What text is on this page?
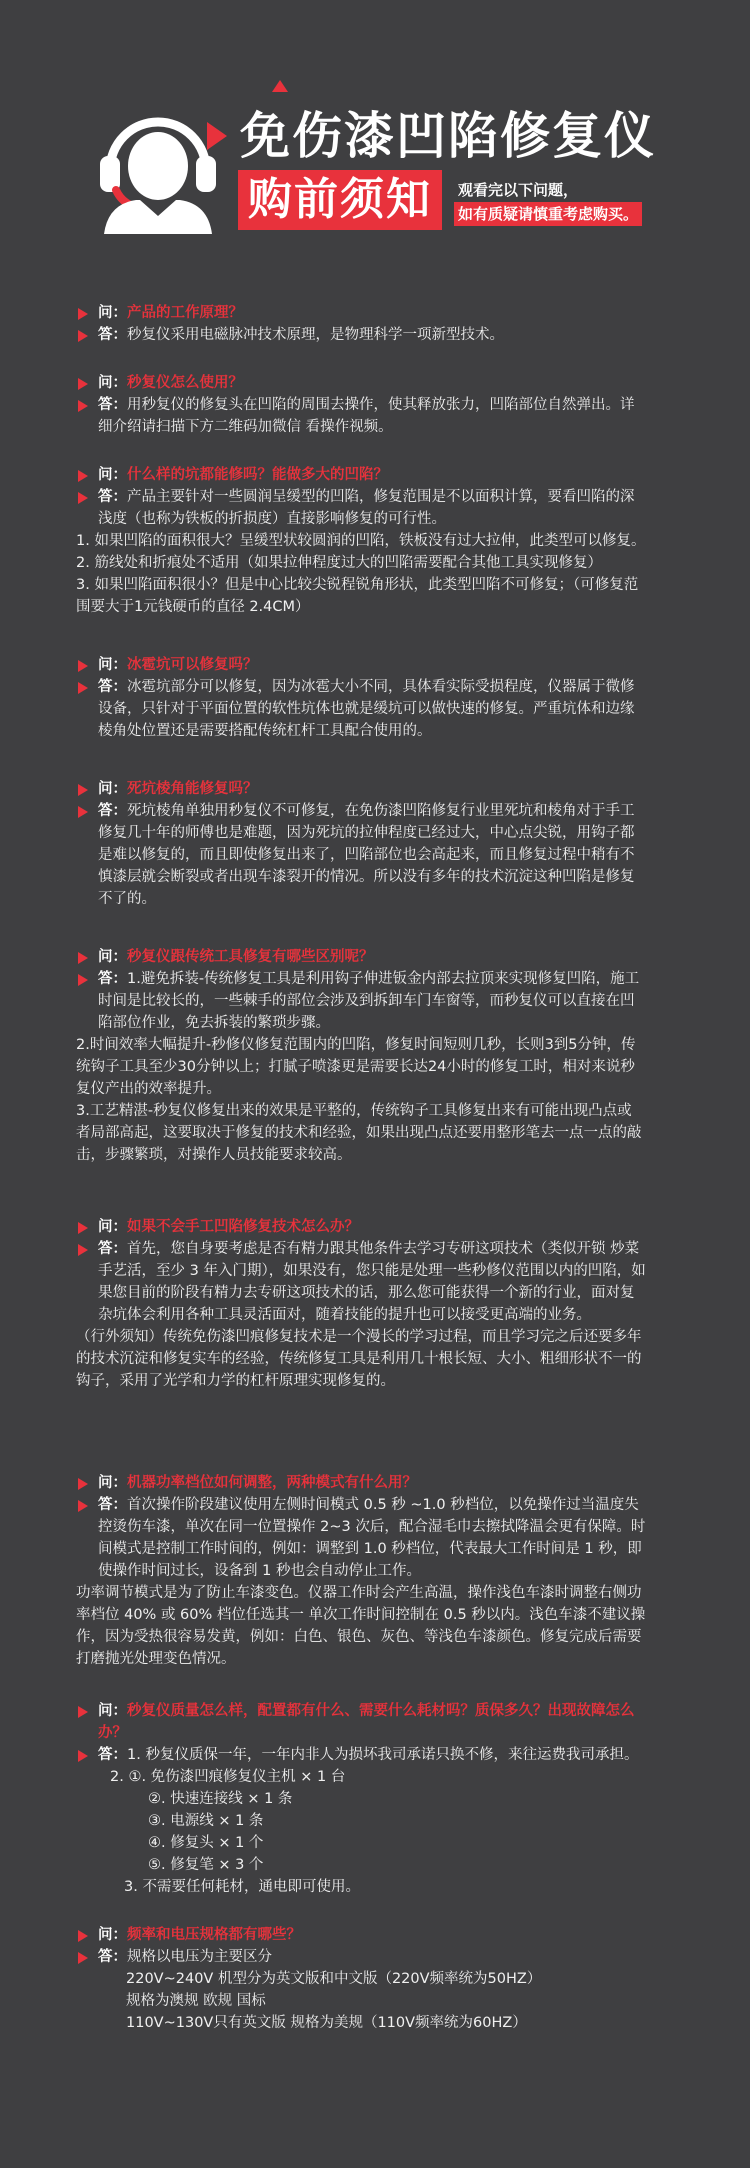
免伤漆凹陷修复仪
购前须知	观看完以下问题，
如有质疑请慎重考虑购买。
问：产品的工作原理？
答：秒复仪采用电磁脉冲技术原理，是物理科学一项新型技术。
问：秒复仪怎么使用？
答：用秒复仪的修复头在凹陷的周围去操作，使其释放张力，凹陷部位自然弹出。详细介绍请扫描下方二维码加微信 看操作视频。
问：什么样的坑都能修吗？能做多大的凹陷？
答：产品主要针对一些圆润呈缓型的凹陷，修复范围是不以面积计算，要看凹陷的深浅度（也称为铁板的折损度）直接影响修复的可行性。
1. 如果凹陷的面积很大？呈缓型状较圆润的凹陷，铁板没有过大拉伸，此类型可以修复。
2. 筋线处和折痕处不适用（如果拉伸程度过大的凹陷需要配合其他工具实现修复）
3. 如果凹陷面积很小？但是中心比较尖锐程锐角形状，此类型凹陷不可修复；（可修复范围要大于1元钱硬币的直径 2.4CM）
问：冰雹坑可以修复吗？
答：冰雹坑部分可以修复，因为冰雹大小不同，具体看实际受损程度，仪器属于微修设备，只针对于平面位置的软性坑体也就是缓坑可以做快速的修复。严重坑体和边缘棱角处位置还是需要搭配传统杠杆工具配合使用的。
问：死坑棱角能修复吗？
答：死坑棱角单独用秒复仪不可修复，在免伤漆凹陷修复行业里死坑和棱角对于手工修复几十年的师傅也是难题，因为死坑的拉伸程度已经过大，中心点尖锐，用钩子都是难以修复的，而且即使修复出来了，凹陷部位也会高起来，而且修复过程中稍有不慎漆层就会断裂或者出现车漆裂开的情况。所以没有多年的技术沉淀这种凹陷是修复不了的。
问：秒复仪跟传统工具修复有哪些区别呢？
答：1.避免拆装-传统修复工具是利用钩子伸进钣金内部去拉顶来实现修复凹陷，施工时间是比较长的，一些棘手的部位会涉及到拆卸车门车窗等，而秒复仪可以直接在凹陷部位作业，免去拆装的繁琐步骤。
2.时间效率大幅提升-秒修仪修复范围内的凹陷，修复时间短则几秒，长则3到5分钟，传统钩子工具至少30分钟以上；打腻子喷漆更是需要长达24小时的修复工时，相对来说秒复仪产出的效率提升。
3.工艺精湛-秒复仪修复出来的效果是平整的，传统钩子工具修复出来有可能出现凸点或者局部高起，这要取决于修复的技术和经验，如果出现凸点还要用整形笔去一点一点的敲击，步骤繁琐，对操作人员技能要求较高。
问：如果不会手工凹陷修复技术怎么办？
答：首先，您自身要考虑是否有精力跟其他条件去学习专研这项技术（类似开锁 炒菜手艺活，至少 3 年入门期），如果没有，您只能是处理一些秒修仪范围以内的凹陷，如果您目前的阶段有精力去专研这项技术的话，那么您可能获得一个新的行业，面对复杂坑体会利用各种工具灵活面对，随着技能的提升也可以接受更高端的业务。
（行外须知）传统免伤漆凹痕修复技术是一个漫长的学习过程，而且学习完之后还要多年的技术沉淀和修复实车的经验，传统修复工具是利用几十根长短、大小、粗细形状不一的钩子，采用了光学和力学的杠杆原理实现修复的。
问：机器功率档位如何调整，两种模式有什么用？
答：首次操作阶段建议使用左侧时间模式 0.5 秒 ~1.0 秒档位，以免操作过当温度失控烫伤车漆，单次在同一位置操作 2~3 次后，配合湿毛巾去擦拭降温会更有保障。时间模式是控制工作时间的，例如：调整到 1.0 秒档位，代表最大工作时间是 1 秒，即使操作时间过长，设备到 1 秒也会自动停止工作。
功率调节模式是为了防止车漆变色。仪器工作时会产生高温，操作浅色车漆时调整右侧功率档位 40% 或 60% 档位任选其一 单次工作时间控制在 0.5 秒以内。浅色车漆不建议操作，因为受热很容易发黄，例如：白色、银色、灰色、等浅色车漆颜色。修复完成后需要打磨抛光处理变色情况。
问：秒复仪质量怎么样，配置都有什么、需要什么耗材吗？质保多久？出现故障怎么办？
答：1. 秒复仪质保一年，一年内非人为损坏我司承诺只换不修，来往运费我司承担。
2. ①. 免伤漆凹痕修复仪主机 × 1 台
②. 快速连接线 × 1 条
③. 电源线 × 1 条
④. 修复头 × 1 个
⑤. 修复笔 × 3 个
3. 不需要任何耗材，通电即可使用。
问：频率和电压规格都有哪些？
答：规格以电压为主要区分
220V~240V 机型分为英文版和中文版（220V频率统为50HZ）
规格为澳规 欧规 国标
110V~130V只有英文版 规格为美规（110V频率统为60HZ）
